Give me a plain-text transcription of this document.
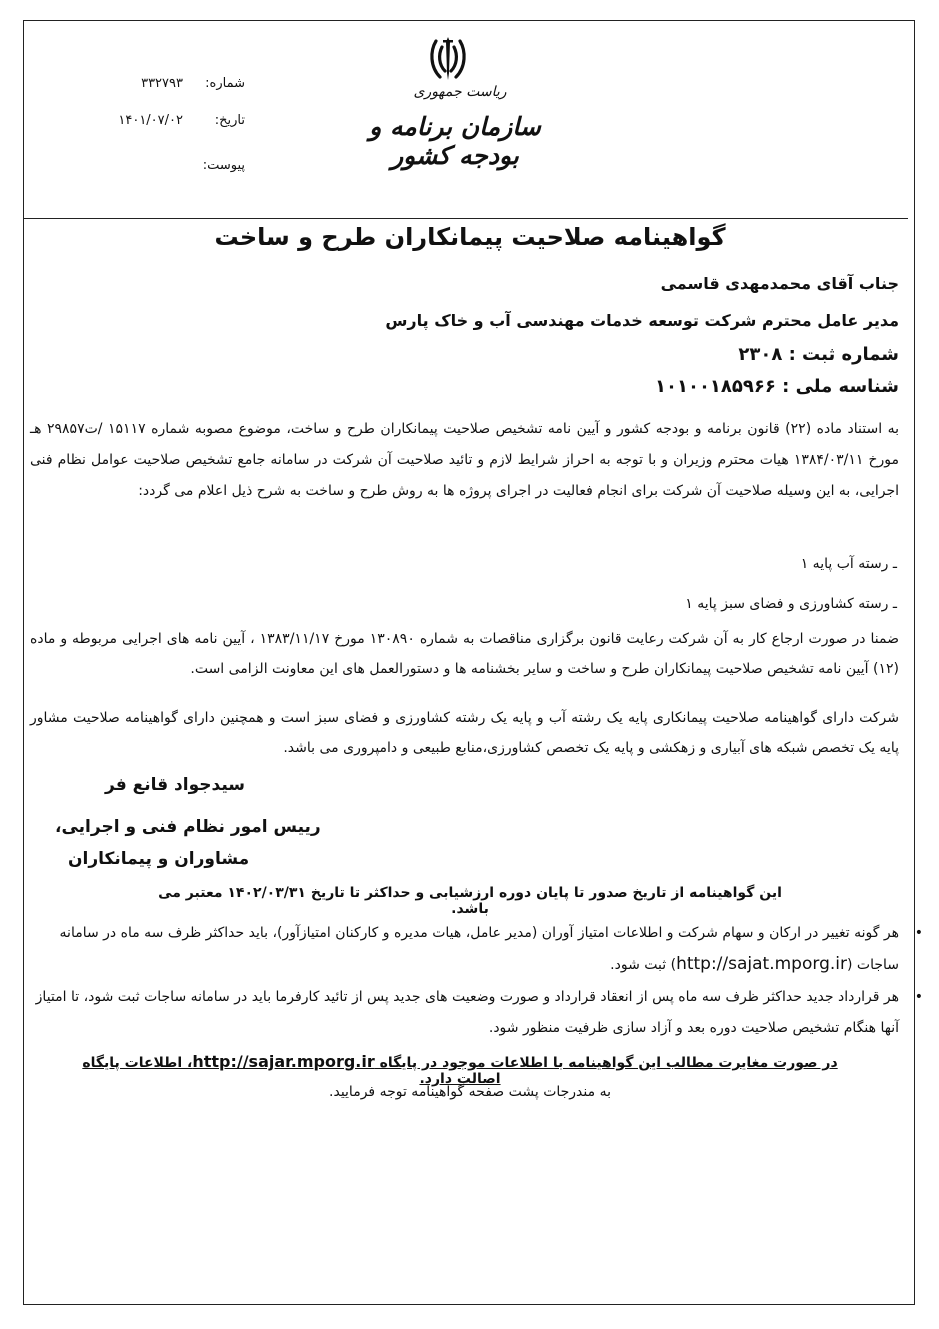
شماره:
۳۳۲۷۹۳
تاریخ:
۱۴۰۱/۰۷/۰۲
پیوست:
ریاست جمهوری
سازمان برنامه و بودجه کشور
گواهینامه صلاحیت پیمانکاران طرح و ساخت
جناب آقای محمدمهدی قاسمی
مدیر عامل محترم شرکت توسعه خدمات مهندسی آب و خاک پارس
شماره ثبت : ۲۳۰۸
شناسه ملی : ۱۰۱۰۰۱۸۵۹۶۶
به استناد ماده (۲۲) قانون برنامه و بودجه کشور و آیین نامه تشخیص صلاحیت پیمانکاران طرح و ساخت، موضوع مصوبه شماره ۱۵۱۱۷ /ت۲۹۸۵۷ هـ مورخ ۱۳۸۴/۰۳/۱۱ هیات محترم وزیران و با توجه به احراز شرایط لازم و تائید صلاحیت آن شرکت در سامانه جامع تشخیص صلاحیت عوامل نظام فنی اجرایی، به این وسیله صلاحیت آن شرکت برای انجام فعالیت در اجرای پروژه ها به روش طرح و ساخت به شرح ذیل اعلام می گردد:
ـ رسته آب پایه ۱
ـ رسته کشاورزی و فضای سبز پایه ۱
ضمنا در صورت ارجاع کار به آن شرکت رعایت قانون برگزاری مناقصات به شماره ۱۳۰۸۹۰ مورخ ۱۳۸۳/۱۱/۱۷ ، آیین نامه های اجرایی مربوطه و ماده (۱۲) آیین نامه تشخیص صلاحیت پیمانکاران طرح و ساخت و سایر بخشنامه ها و دستورالعمل های این معاونت الزامی است.
شرکت دارای گواهینامه صلاحیت پیمانکاری پایه یک رشته آب و پایه یک رشته کشاورزی و فضای سبز است و همچنین دارای گواهینامه صلاحیت مشاور پایه یک تخصص شبکه های آبیاری و زهکشی و پایه یک تخصص کشاورزی،منابع طبیعی و دامپروری می باشد.
سیدجواد قانع فر
رییس امور نظام فنی و اجرایی،
مشاوران و پیمانکاران
این گواهینامه از تاریخ صدور تا پایان دوره ارزشیابی و حداکثر تا تاریخ ۱۴۰۲/۰۳/۳۱ معتبر می باشد.
•
هر گونه تغییر در ارکان و سهام شرکت و اطلاعات امتیاز آوران (مدیر عامل، هیات مدیره و کارکنان امتیازآور)، باید حداکثر ظرف سه ماه در سامانه ساجات (http://sajat.mporg.ir) ثبت شود.
•
هر قرارداد جدید حداکثر ظرف سه ماه پس از انعقاد قرارداد و صورت وضعیت های جدید پس از تائید کارفرما باید در سامانه ساجات ثبت شود، تا امتیاز آنها هنگام تشخیص صلاحیت دوره بعد و آزاد سازی ظرفیت منظور شود.
در صورت مغایرت مطالب این گواهینامه با اطلاعات موجود در پایگاه http://sajar.mporg.ir، اطلاعات پایگاه اصالت دارد.
به مندرجات پشت صفحه گواهینامه توجه فرمایید.
